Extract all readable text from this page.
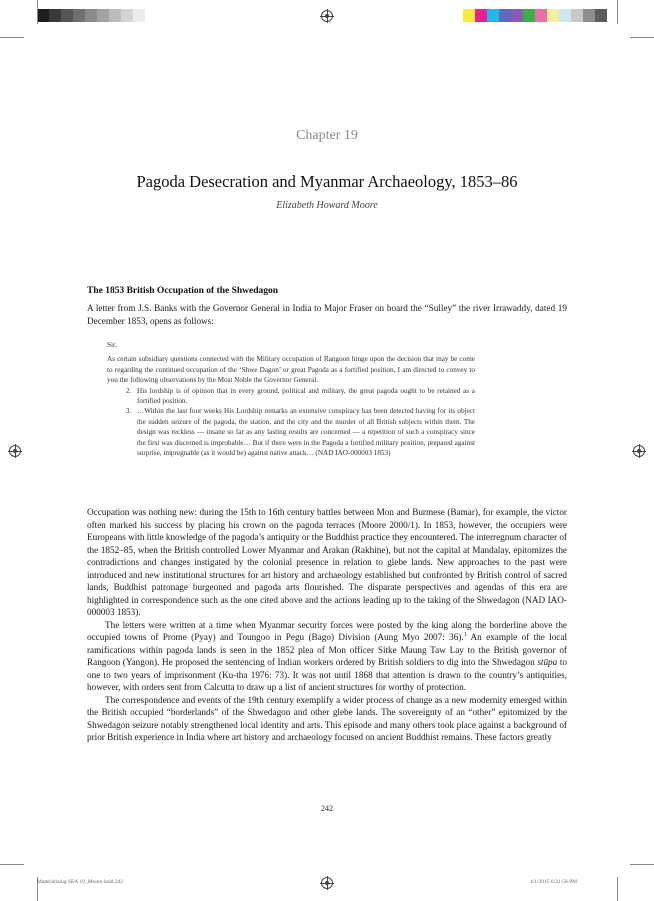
Chapter 19
Pagoda Desecration and Myanmar Archaeology, 1853–86
Elizabeth Howard Moore
The 1853 British Occupation of the Shwedagon
A letter from J.S. Banks with the Governor General in India to Major Fraser on board the “Sulley” the river Irrawaddy, dated 19 December 1853, opens as follows:

Sir,

As certain subsidiary questions connected with the Military occupation of Rangoon hinge upon the decision that may be come to regarding the continued occupation of the ‘Shwe Dagon’ or great Pagoda as a fortified position, I am directed to convey to you the following observations by the Most Noble the Governor General.

2. His lordship is of opinion that in every ground, political and military, the great pagoda ought to be retained as a fortified position.
3. …Within the last four weeks His Lordship remarks an extensive conspiracy has been detected having for its object the sudden seizure of the pagoda, the station, and the city and the murder of all British subjects within them. The design was reckless — insane so far as any lasting results are concerned — a repetition of such a conspiracy since the first was discerned is improbable… But if there were in the Pagoda a fortified military position, prepared against surprise, impregnable (as it would be) against native attack… (NAD IAO-000003 1853)

Occupation was nothing new: during the 15th to 16th century battles between Mon and Burmese (Bamar), for example, the victor often marked his success by placing his crown on the pagoda terraces (Moore 2000/1). In 1853, however, the occupiers were Europeans with little knowledge of the pagoda’s antiquity or the Buddhist practice they encountered. The interregnum character of the 1852–85, when the British controlled Lower Myanmar and Arakan (Rakhine), but not the capital at Mandalay, epitomizes the contradictions and changes instigated by the colonial presence in relation to glebe lands. New approaches to the past were introduced and new institutional structures for art history and archaeology established but confronted by British control of sacred lands, Buddhist patronage burgeoned and pagoda arts flourished. The disparate perspectives and agendas of this era are highlighted in correspondence such as the one cited above and the actions leading up to the taking of the Shwedagon (NAD IAO-000003 1853).

The letters were written at a time when Myanmar security forces were posted by the king along the borderline above the occupied towns of Prome (Pyay) and Toungoo in Pegu (Bago) Division (Aung Myo 2007: 36).$^1$ An example of the local ramifications within pagoda lands is seen in the 1852 plea of Mon officer Sitke Maung Taw Lay to the British governor of Rangoon (Yangon). He proposed the sentencing of Indian workers ordered by British soldiers to dig into the Shwedagon stūpa to one to two years of imprisonment (Ku-tha 1976: 73). It was not until 1868 that attention is drawn to the country’s antiquities, however, with orders sent from Calcutta to draw up a list of ancient structures for worthy of protection.

The correspondence and events of the 19th century exemplify a wider process of change as a new modernity emerged within the British occupied “borderlands” of the Shwedagon and other glebe lands. The sovereignty of an “other” epitomized by the Shwedagon seizure notably strengthened local identity and arts. This episode and many others took place against a background of prior British experience in India where art history and archaeology focused on ancient Buddhist remains. These factors greatly

242
Materializing SEA 19_Moore.indd 242	4/1/2015 6:31:56 PM
